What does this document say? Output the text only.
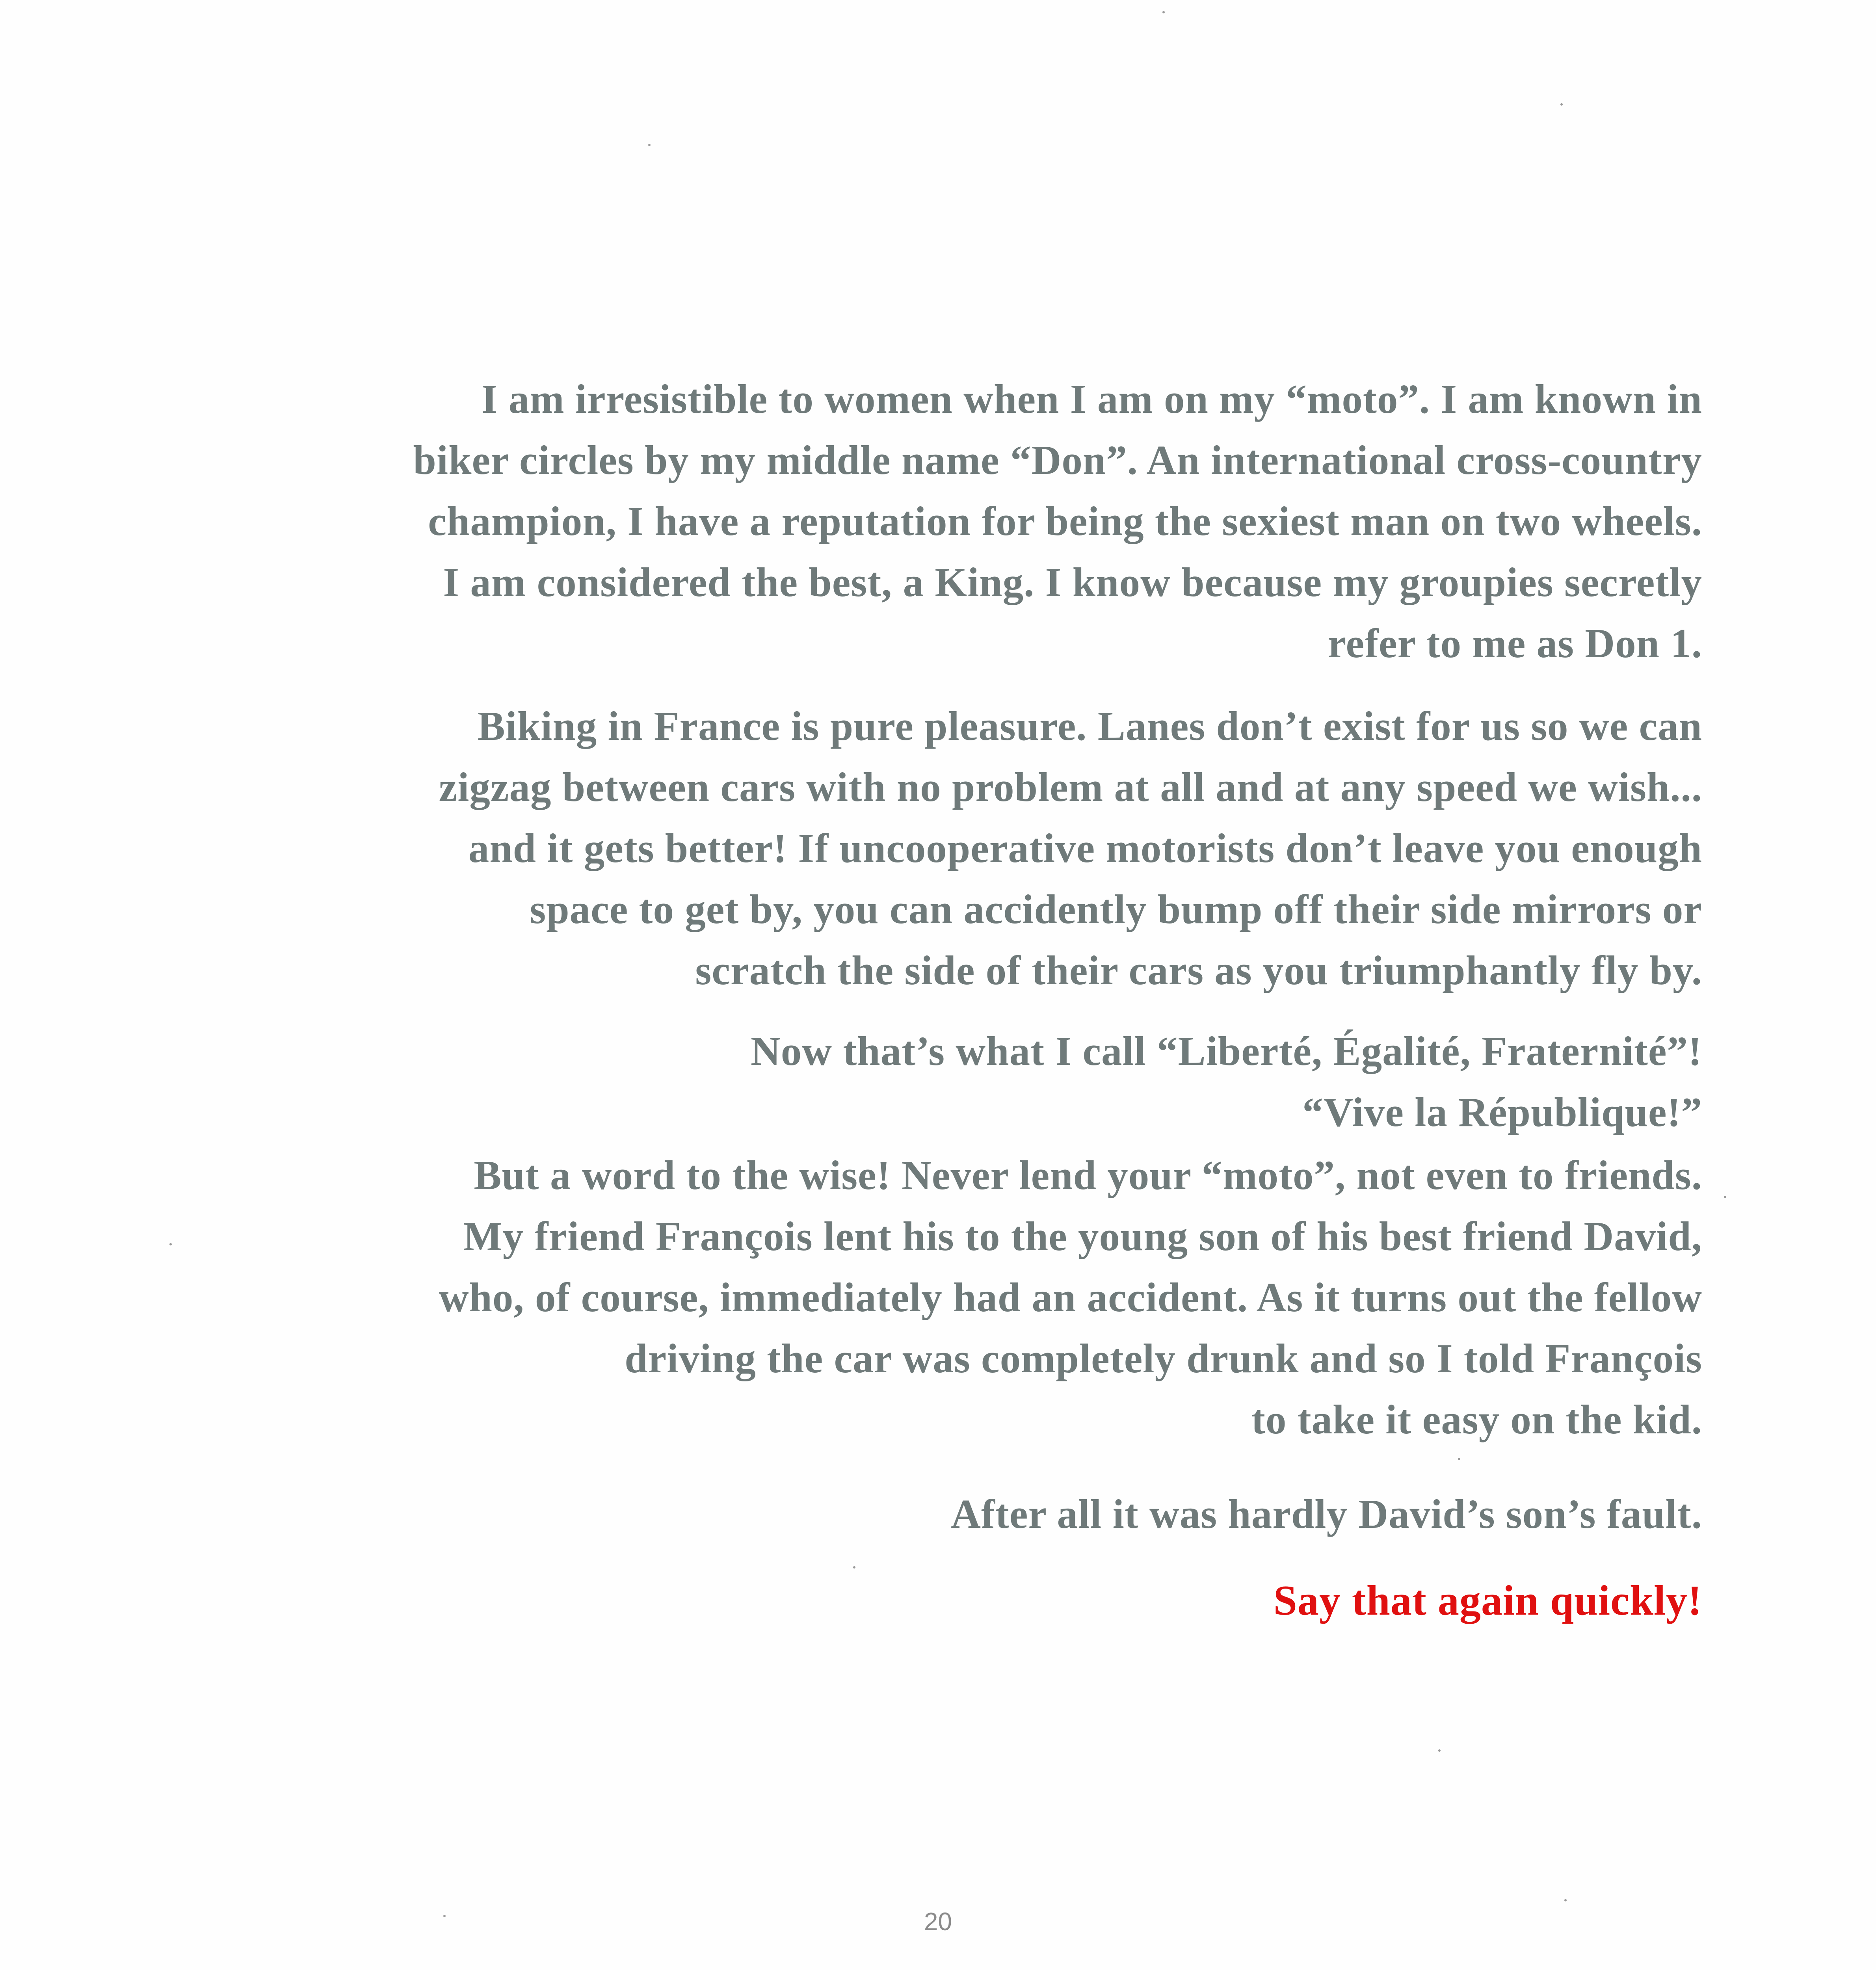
I am irresistible to women when I am on my “moto”. I am known in
biker circles by my middle name “Don”. An international cross-country
champion, I have a reputation for being the sexiest man on two wheels.
I am considered the best, a King. I know because my groupies secretly
refer to me as Don 1.
Biking in France is pure pleasure. Lanes don’t exist for us so we can
zigzag between cars with no problem at all and at any speed we wish...
and it gets better! If uncooperative motorists don’t leave you enough
space to get by, you can accidently bump off their side mirrors or
scratch the side of their cars as you triumphantly fly by.
Now that’s what I call “Liberté, Égalité, Fraternité”!
“Vive la République!”
But a word to the wise! Never lend your “moto”, not even to friends.
My friend François lent his to the young son of his best friend David,
who, of course, immediately had an accident. As it turns out the fellow
driving the car was completely drunk and so I told François
to take it easy on the kid.
After all it was hardly David’s son’s fault.
Say that again quickly!
20
